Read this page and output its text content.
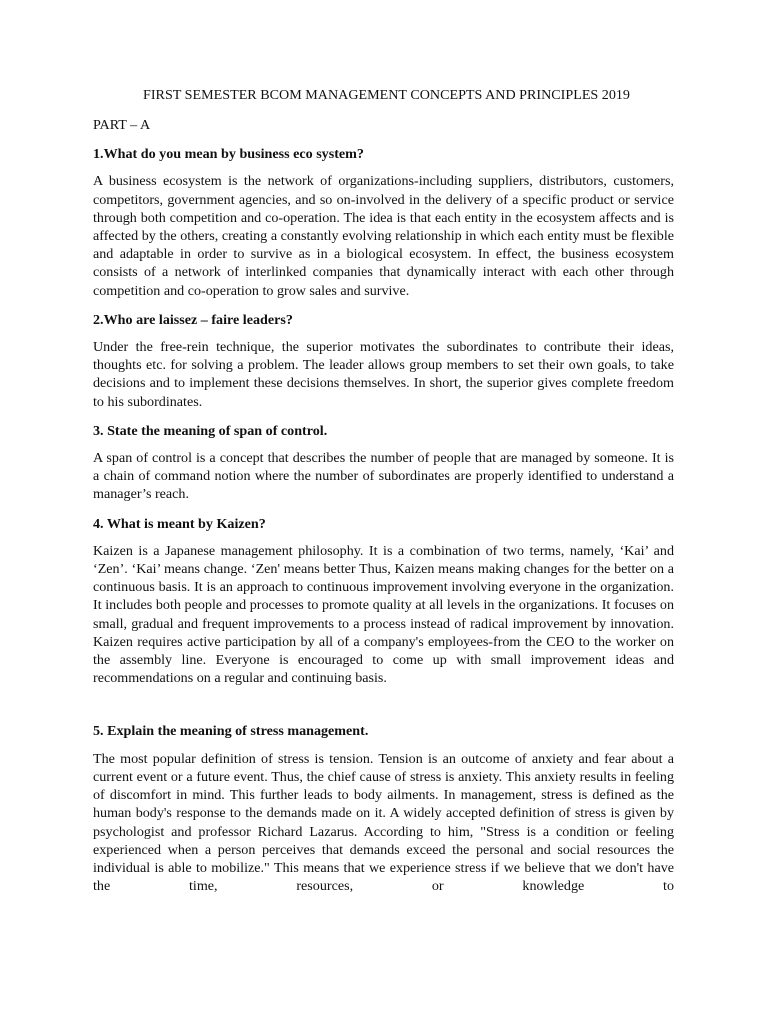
FIRST SEMESTER BCOM MANAGEMENT CONCEPTS AND PRINCIPLES 2019

PART – A

1.What do you mean by business eco system?

A business ecosystem is the network of organizations-including suppliers, distributors, customers, competitors, government agencies, and so on-involved in the delivery of a specific product or service through both competition and co-operation. The idea is that each entity in the ecosystem affects and is affected by the others, creating a constantly evolving relationship in which each entity must be flexible and adaptable in order to survive as in a biological ecosystem. In effect, the business ecosystem consists of a network of interlinked companies that dynamically interact with each other through competition and co-operation to grow sales and survive.

2.Who are laissez – faire leaders?

Under the free-rein technique, the superior motivates the subordinates to contribute their ideas, thoughts etc. for solving a problem. The leader allows group members to set their own goals, to take decisions and to implement these decisions themselves. In short, the superior gives complete freedom to his subordinates.

3. State the meaning of span of control.

A span of control is a concept that describes the number of people that are managed by someone. It is a chain of command notion where the number of subordinates are properly identified to understand a manager’s reach.

4. What is meant by Kaizen?

Kaizen is a Japanese management philosophy. It is a combination of two terms, namely, ‘Kai’ and ‘Zen’. ‘Kai’ means change. ‘Zen' means better Thus, Kaizen means making changes for the better on a continuous basis. It is an approach to continuous improvement involving everyone in the organization. It includes both people and processes to promote quality at all levels in the organizations. It focuses on small, gradual and frequent improvements to a process instead of radical improvement by innovation. Kaizen requires active participation by all of a company's employees-from the CEO to the worker on the assembly line. Everyone is encouraged to come up with small improvement ideas and recommendations on a regular and continuing basis.

5. Explain the meaning of stress management.

The most popular definition of stress is tension. Tension is an outcome of anxiety and fear about a current event or a future event. Thus, the chief cause of stress is anxiety. This anxiety results in feeling of discomfort in mind. This further leads to body ailments. In management, stress is defined as the human body's response to the demands made on it. A widely accepted definition of stress is given by psychologist and professor Richard Lazarus. According to him, "Stress is a condition or feeling experienced when a person perceives that demands exceed the personal and social resources the individual is able to mobilize." This means that we experience stress if we believe that we don't have the time, resources, or knowledge to
